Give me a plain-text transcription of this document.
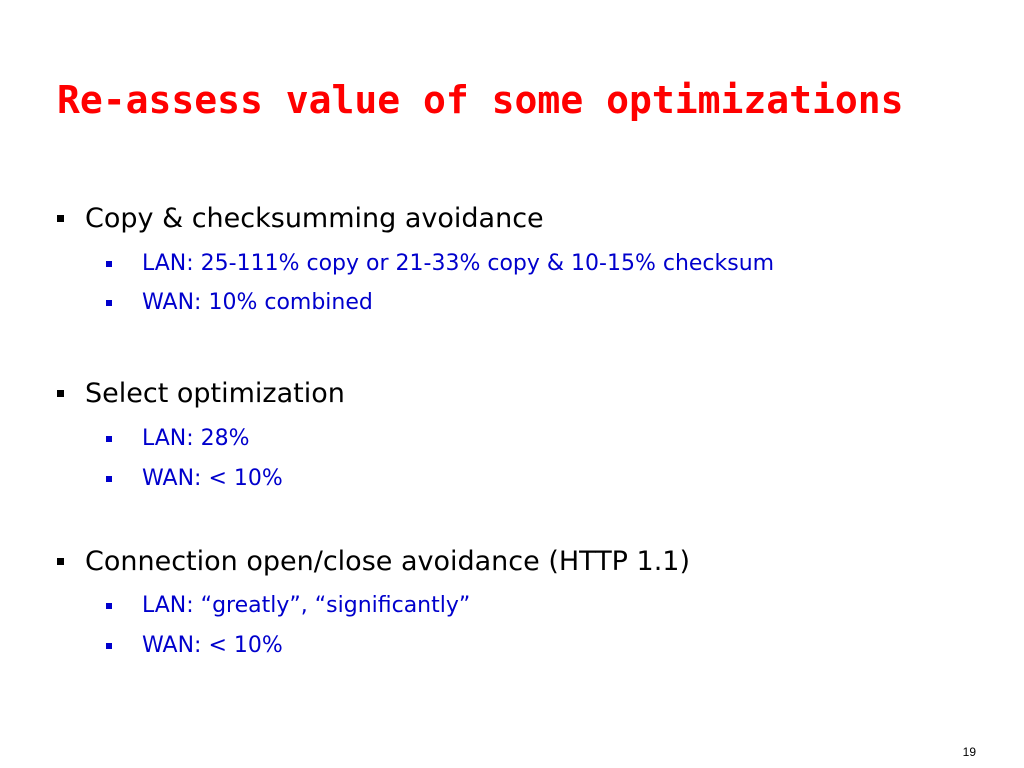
Re-assess value of some optimizations
Copy & checksumming avoidance
LAN: 25-111% copy or 21-33% copy & 10-15% checksum
WAN: 10% combined
Select optimization
LAN: 28%
WAN: < 10%
Connection open/close avoidance (HTTP 1.1)
LAN: “greatly”, “significantly”
WAN: < 10%
19
